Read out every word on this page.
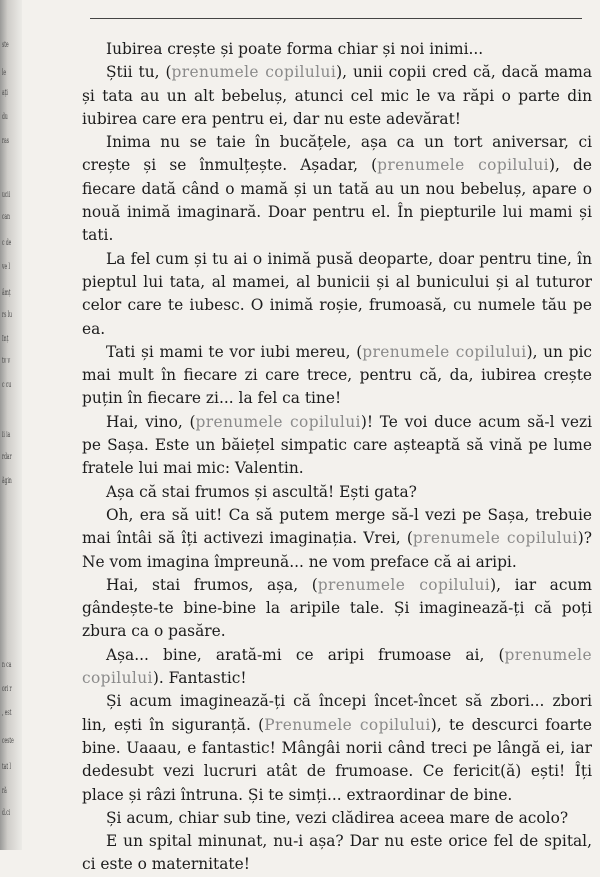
ste
le
ați
du
ras
ucii
can
c de
ve l
âmț
rs lu
Inț
tv v
c cu
ii ia
rdar
ăgin
n ca
ori r
, est
ceste
tat l
ră
d.ci

Iubirea crește și poate forma chiar și noi inimi...

Știi tu, (prenumele copilului), unii copii cred că, dacă mama și tata au un alt bebeluș, atunci cel mic le va răpi o parte din iubirea care era pentru ei, dar nu este adevărat!

Inima nu se taie în bucățele, așa ca un tort aniversar, ci crește și se înmulțește. Așadar, (prenumele copilului), de fiecare dată când o mamă și un tată au un nou bebeluș, apare o nouă inimă imaginară. Doar pentru el. În piepturile lui mami și tati.

La fel cum și tu ai o inimă pusă deoparte, doar pentru tine, în pieptul lui tata, al mamei, al bunicii și al bunicului și al tuturor celor care te iubesc. O inimă roșie, frumoasă, cu numele tău pe ea.

Tati și mami te vor iubi mereu, (prenumele copilului), un pic mai mult în fiecare zi care trece, pentru că, da, iubirea crește puțin în fiecare zi... la fel ca tine!

Hai, vino, (prenumele copilului)! Te voi duce acum să-l vezi pe Sașa. Este un băiețel simpatic care așteaptă să vină pe lume fratele lui mai mic: Valentin.

Așa că stai frumos și ascultă! Ești gata?

Oh, era să uit! Ca să putem merge să-l vezi pe Sașa, trebuie mai întâi să îți activezi imaginația. Vrei, (prenumele copilului)? Ne vom imagina împreună... ne vom preface că ai aripi.

Hai, stai frumos, așa, (prenumele copilului), iar acum gândește-te bine-bine la aripile tale. Și imaginează-ți că poți zbura ca o pasăre.

Așa... bine, arată-mi ce aripi frumoase ai, (prenumele copilului). Fantastic!

Și acum imaginează-ți că începi încet-încet să zbori... zbori lin, ești în siguranță. (Prenumele copilului), te descurci foarte bine. Uaaau, e fantastic! Mângâi norii când treci pe lângă ei, iar dedesubt vezi lucruri atât de frumoase. Ce fericit(ă) ești! Îți place și râzi întruna. Și te simți... extraordinar de bine.

Și acum, chiar sub tine, vezi clădirea aceea mare de acolo?

E un spital minunat, nu-i așa? Dar nu este orice fel de spital, ci este o maternitate!
